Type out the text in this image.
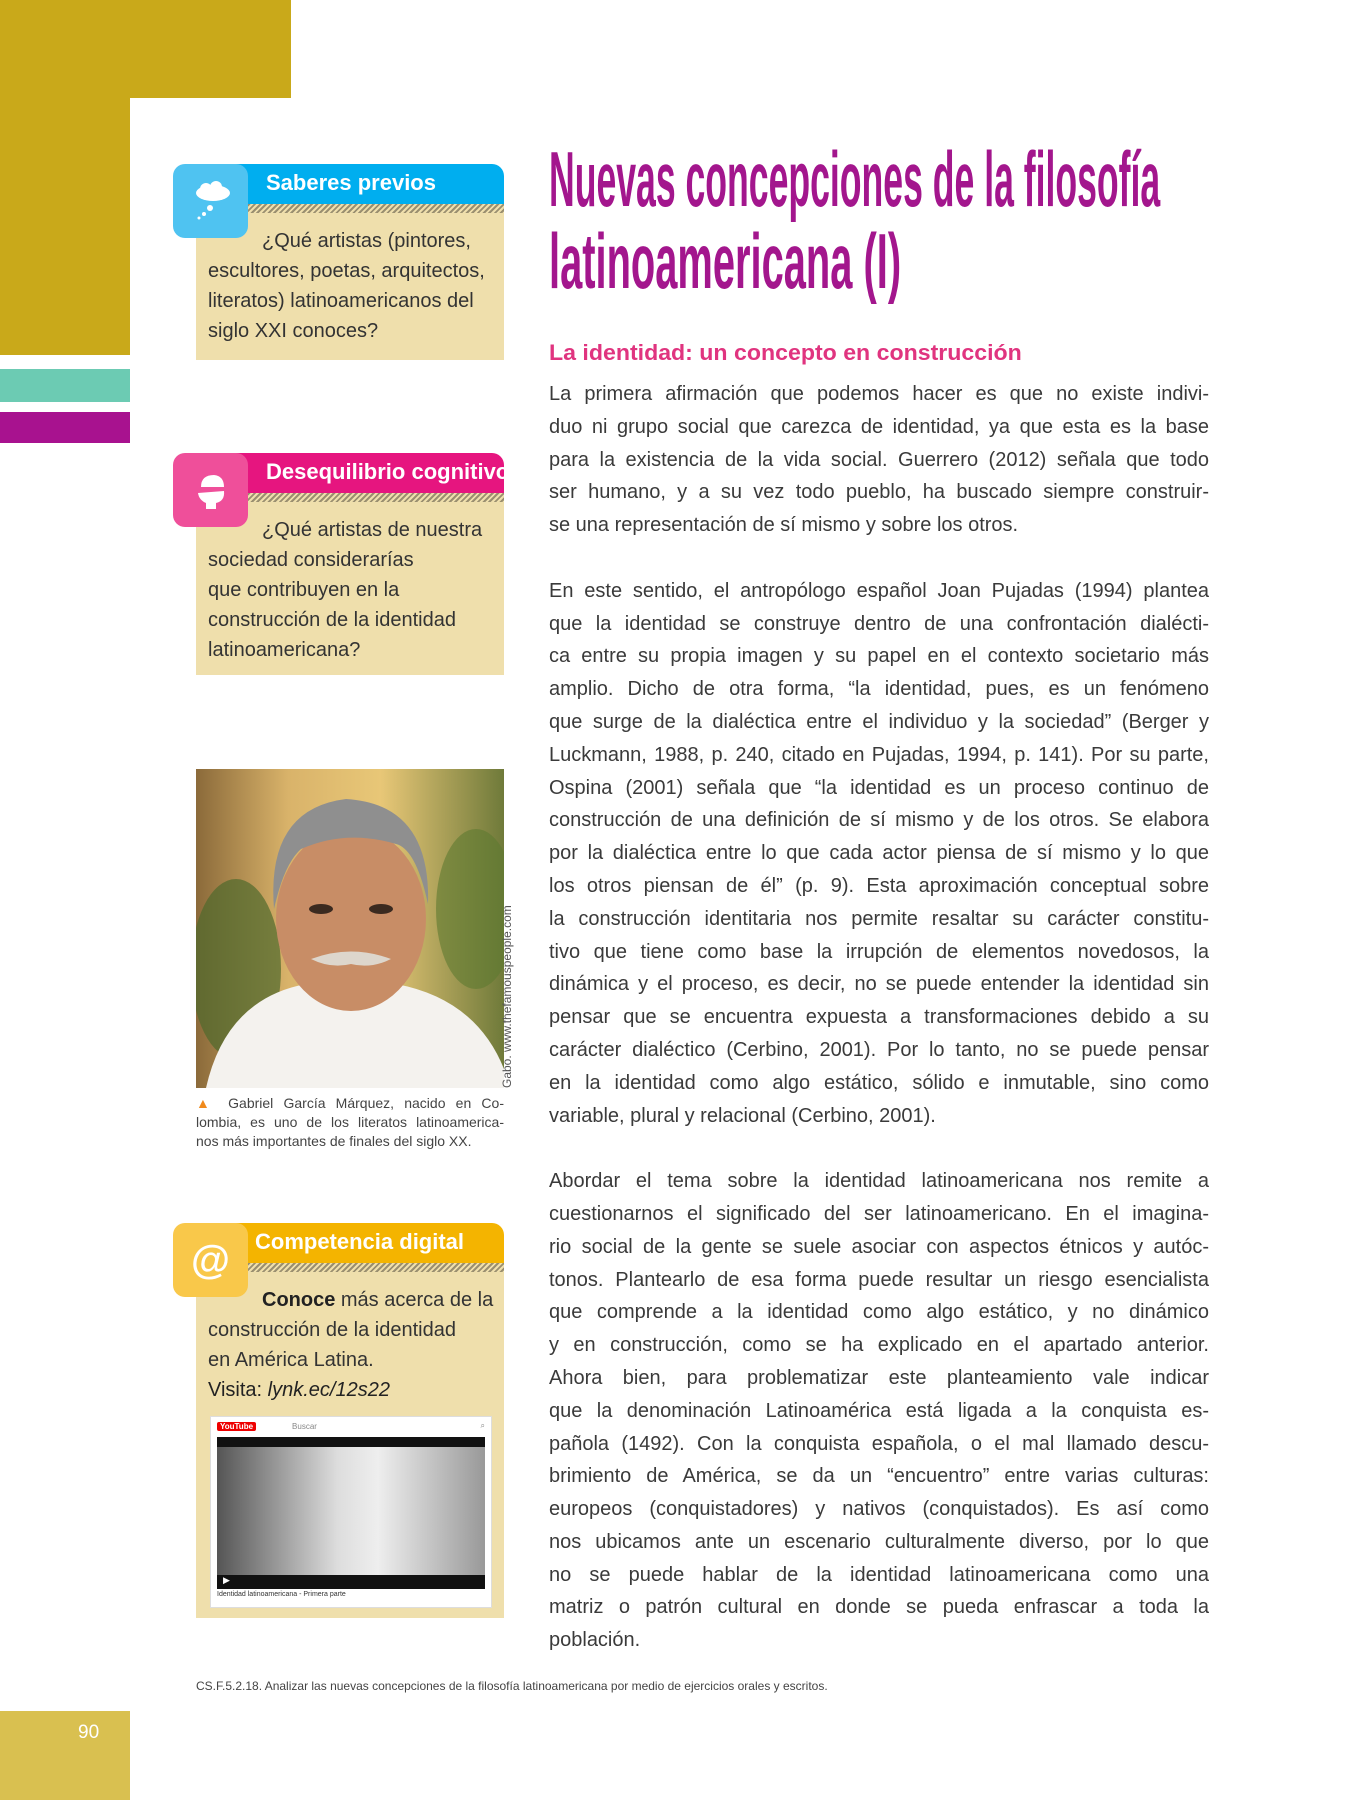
Saberes previos
¿Qué artistas (pintores,
escultores, poetas, arquitectos,
literatos) latinoamericanos del
siglo XXI conoces?
Desequilibrio cognitivo
¿Qué artistas de nuestra
sociedad considerarías
que contribuyen en la
construcción de la identidad
latinoamericana?
Gabo. www.thefamouspeople.com
▲ Gabriel García Márquez, nacido en Co-
lombia, es uno de los literatos latinoamerica-
nos más importantes de finales del siglo XX.
Competencia digital
@
Conoce más acerca de la
construcción de la identidad
en América Latina.
Visita: lynk.ec/12s22
YouTube	Buscar	⌕
▶
Identidad latinoamericana - Primera parte
Nuevas concepciones de la filosofía latinoamericana (I)
La identidad: un concepto en construcción
La primera afirmación que podemos hacer es que no existe indivi-
duo ni grupo social que carezca de identidad, ya que esta es la base
para la existencia de la vida social. Guerrero (2012) señala que todo
ser humano, y a su vez todo pueblo, ha buscado siempre construir-
se una representación de sí mismo y sobre los otros.
En este sentido, el antropólogo español Joan Pujadas (1994) plantea
que la identidad se construye dentro de una confrontación dialécti-
ca entre su propia imagen y su papel en el contexto societario más
amplio. Dicho de otra forma, “la identidad, pues, es un fenómeno
que surge de la dialéctica entre el individuo y la sociedad” (Berger y
Luckmann, 1988, p. 240, citado en Pujadas, 1994, p. 141). Por su parte,
Ospina (2001) señala que “la identidad es un proceso continuo de
construcción de una definición de sí mismo y de los otros. Se elabora
por la dialéctica entre lo que cada actor piensa de sí mismo y lo que
los otros piensan de él” (p. 9). Esta aproximación conceptual sobre
la construcción identitaria nos permite resaltar su carácter constitu-
tivo que tiene como base la irrupción de elementos novedosos, la
dinámica y el proceso, es decir, no se puede entender la identidad sin
pensar que se encuentra expuesta a transformaciones debido a su
carácter dialéctico (Cerbino, 2001). Por lo tanto, no se puede pensar
en la identidad como algo estático, sólido e inmutable, sino como
variable, plural y relacional (Cerbino, 2001).
Abordar el tema sobre la identidad latinoamericana nos remite a
cuestionarnos el significado del ser latinoamericano. En el imagina-
rio social de la gente se suele asociar con aspectos étnicos y autóc-
tonos. Plantearlo de esa forma puede resultar un riesgo esencialista
que comprende a la identidad como algo estático, y no dinámico
y en construcción, como se ha explicado en el apartado anterior.
Ahora bien, para problematizar este planteamiento vale indicar
que la denominación Latinoamérica está ligada a la conquista es-
pañola (1492). Con la conquista española, o el mal llamado descu-
brimiento de América, se da un “encuentro” entre varias culturas:
europeos (conquistadores) y nativos (conquistados). Es así como
nos ubicamos ante un escenario culturalmente diverso, por lo que
no se puede hablar de la identidad latinoamericana como una
matriz o patrón cultural en donde se pueda enfrascar a toda la
población.
CS.F.5.2.18. Analizar las nuevas concepciones de la filosofía latinoamericana por medio de ejercicios orales y escritos.
90
